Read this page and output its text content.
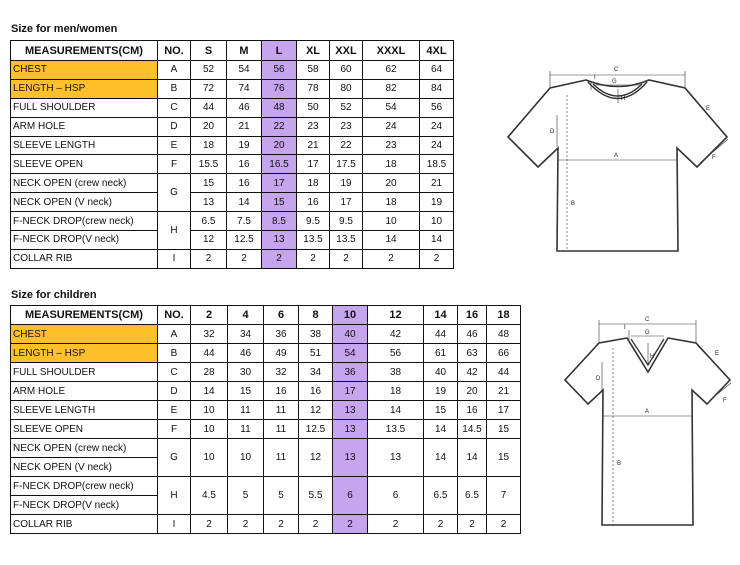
Size for men/women
MEASUREMENTS(CM)	NO.	S	M	L	XL	XXL	XXXL	4XL
CHEST	A	52	54	56	58	60	62	64
LENGTH – HSP	B	72	74	76	78	80	82	84
FULL SHOULDER	C	44	46	48	50	52	54	56
ARM HOLE	D	20	21	22	23	23	24	24
SLEEVE LENGTH	E	18	19	20	21	22	23	24
SLEEVE OPEN	F	15.5	16	16.5	17	17.5	18	18.5
NECK OPEN (crew neck)	G	15	16	17	18	19	20	21
NECK OPEN (V neck)		13	14	15	16	17	18	19
F-NECK DROP(crew neck)	H	6.5	7.5	8.5	9.5	9.5	10	10
F-NECK DROP(V neck)		12	12.5	13	13.5	13.5	14	14
COLLAR RIB	I	2	2	2	2	2	2	2
Size for children
MEASUREMENTS(CM)	NO.	2	4	6	8	10	12	14	16	18
CHEST	A	32	34	36	38	40	42	44	46	48
LENGTH – HSP	B	44	46	49	51	54	56	61	63	66
FULL SHOULDER	C	28	30	32	34	36	38	40	42	44
ARM HOLE	D	14	15	16	16	17	18	19	20	21
SLEEVE LENGTH	E	10	11	11	12	13	14	15	16	17
SLEEVE OPEN	F	10	11	11	12.5	13	13.5	14	14.5	15
NECK OPEN (crew neck)	G	10	10	11	12	13	13	14	14	15
NECK OPEN (V neck)										
F-NECK DROP(crew neck)	H	4.5	5	5	5.5	6	6	6.5	6.5	7
F-NECK DROP(V neck)										
COLLAR RIB	I	2	2	2	2	2	2	2	2	2
C
G
I
H
A
B
D
E
F
C
G
I
H
A
B
D
E
F
